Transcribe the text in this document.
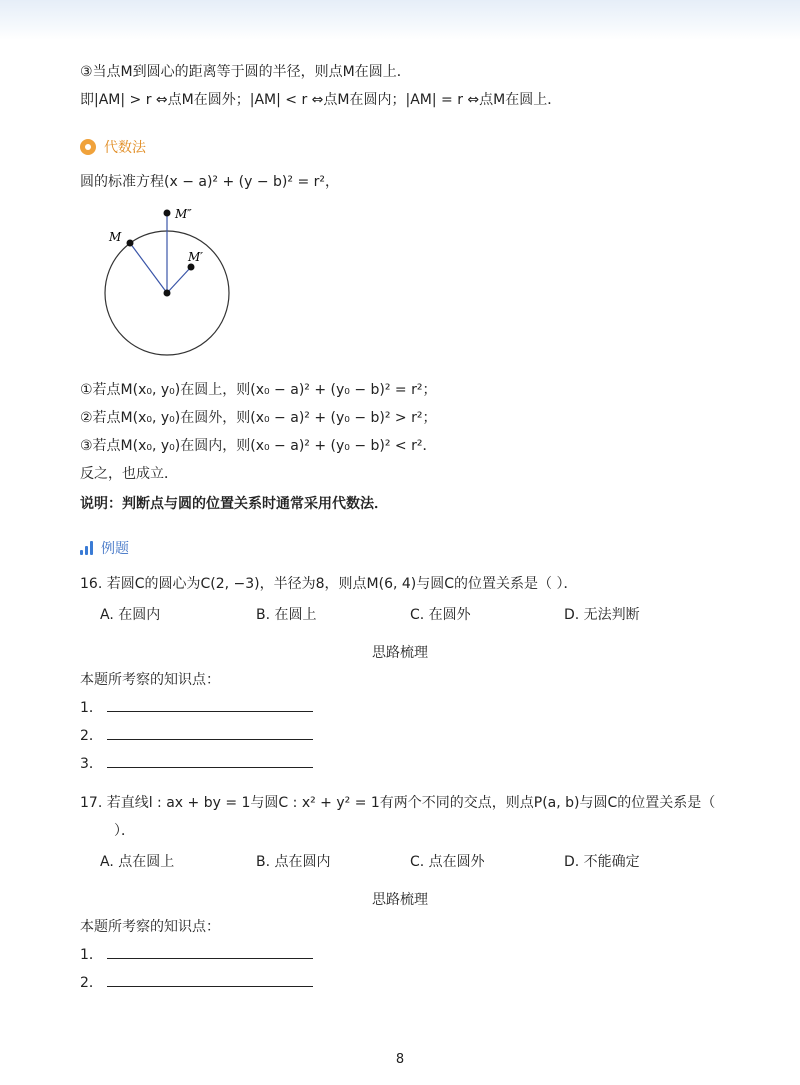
③当点M到圆心的距离等于圆的半径，则点M在圆上．
即|AM| > r ⇔点M在圆外；|AM| < r ⇔点M在圆内；|AM| = r ⇔点M在圆上．
代数法
圆的标准方程(x − a)² + (y − b)² = r²，
M″
M
M′
①若点M(x₀, y₀)在圆上，则(x₀ − a)² + (y₀ − b)² = r²；
②若点M(x₀, y₀)在圆外，则(x₀ − a)² + (y₀ − b)² > r²；
③若点M(x₀, y₀)在圆内，则(x₀ − a)² + (y₀ − b)² < r²．
反之，也成立．
说明：判断点与圆的位置关系时通常采用代数法．
例题
16. 若圆C的圆心为C(2, −3)，半径为8，则点M(6, 4)与圆C的位置关系是（ ）．
A. 在圆内	B. 在圆上	C. 在圆外	D. 无法判断
思路梳理
本题所考察的知识点：
1．
2．
3．
17. 若直线l : ax + by = 1与圆C : x² + y² = 1有两个不同的交点，则点P(a, b)与圆C的位置关系是（
）．
A. 点在圆上	B. 点在圆内	C. 点在圆外	D. 不能确定
思路梳理
本题所考察的知识点：
1．
2．
8
